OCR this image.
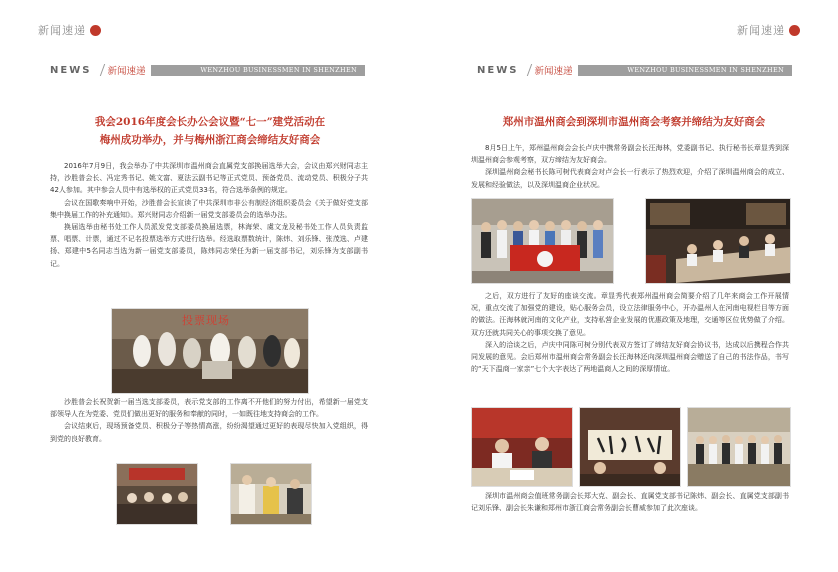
新闻速递
NEWS 新闻速递	WENZHOU BUSINESSMEN IN SHENZHEN
我会2016年度会长办公会议暨“七一”建党活动在
梅州成功举办，并与梅州浙江商会缔结友好商会

2016年7月9日，我会举办了中共深圳市温州商会直属党支部换届选举大会，会议由郑兴财同志主持，沙胜普会长、冯定秀书记、姚文富、夏法云副书记等正式党员、预备党员、流动党员、积极分子共42人参加。其中参会人员中有选举权的正式党员33名，符合选举条例的规定。

会议在国歌奏响中开始，沙胜普会长宣读了中共深圳市非公有制经济组织委员会《关于做好党支部集中换届工作的补充通知》。郑兴财同志介绍新一届党支部委员会的选举办法。

换届选举由秘书处工作人员派发党支部委员换届选票，林海荣、虞文龙及秘书处工作人员负责监票、唱票、计票，通过不记名投票选举方式进行选举。经选取票数统计，陈炜、刘乐锋、张茂选、卢建扬、郑建中5名同志当选为新一届党支部委员，陈炜同志荣任为新一届支部书记，刘乐锋为支部副书记。

投票现场

沙胜普会长祝贺新一届当选支部委员，表示党支部的工作离不开他们的努力付出，希望新一届党支部领导人在为党委、党员们做出更好的服务和奉献的同时，一如既往地支持商会的工作。

会议结束后，现场预备党员、积极分子等热情高涨，纷纷渴望通过更好的表现尽快加入党组织，得到党的良好教育。

新闻速递
NEWS 新闻速递	WENZHOU BUSINESSMEN IN SHENZHEN
郑州市温州商会到深圳市温州商会考察并缔结为友好商会

8月5日上午，郑州温州商会会长卢庆中携常务副会长汪海林，党委副书记、执行秘书长章显秀到深圳温州商会参观考察，双方缔结为友好商会。

深圳温州商会秘书长陈可树代表商会对卢会长一行表示了热烈欢迎，介绍了深圳温州商会的成立、发展和经验做法，以及深圳温商企业状况。

之后，双方进行了友好的座谈交流。章显秀代表郑州温州商会简要介绍了几年来商会工作开展情况，重点交流了加强党的建设，贴心服务会员，设立法律服务中心，开办温州人在河南电视栏目等方面的做法。汪海林就河南的文化产业，支持私营企业发展的优惠政策及地理，交通等区位优势做了介绍。双方还就共同关心的事项交换了意见。

深入的洽谈之后，卢庆中同陈可树分别代表双方签订了缔结友好商会协议书，达成以后携程合作共同发展的意见。会后郑州市温州商会常务副会长汪海林还向深圳温州商会赠送了自己的书法作品，书写的“天下温商一家亲”七个大字表达了两地温商人之间的深厚情谊。

深圳市温州商会值班常务副会长郑大克、副会长、直属党支部书记陈炜、副会长、直属党支部副书记刘乐锋、副会长朱谦和郑州市浙江商会常务副会长曹威参加了此次座谈。
